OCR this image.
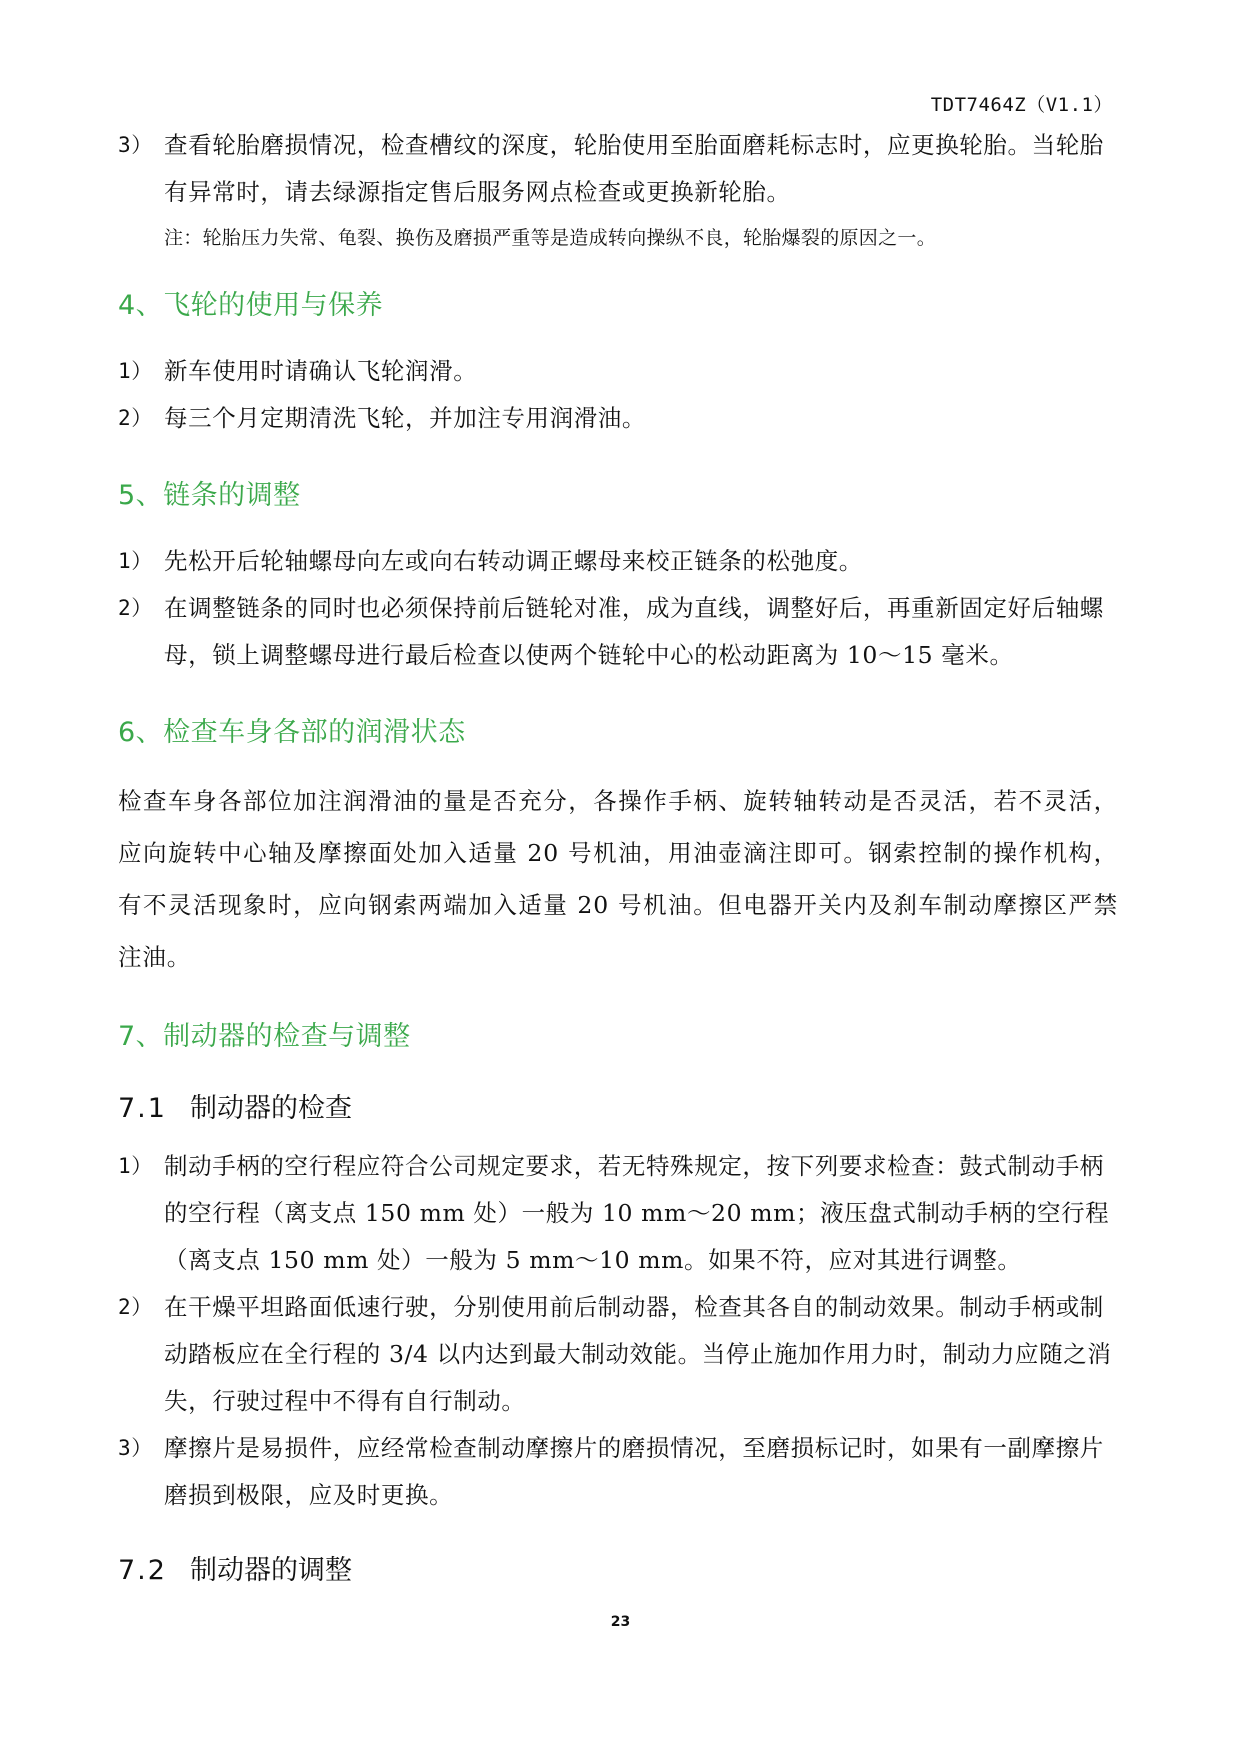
TDT7464Z（V1.1）
3） 查看轮胎磨损情况，检查槽纹的深度，轮胎使用至胎面磨耗标志时，应更换轮胎。当轮胎有异常时，请去绿源指定售后服务网点检查或更换新轮胎。
注：轮胎压力失常、龟裂、换伤及磨损严重等是造成转向操纵不良，轮胎爆裂的原因之一。
4、飞轮的使用与保养
1） 新车使用时请确认飞轮润滑。
2） 每三个月定期清洗飞轮，并加注专用润滑油。
5、链条的调整
1） 先松开后轮轴螺母向左或向右转动调正螺母来校正链条的松弛度。
2） 在调整链条的同时也必须保持前后链轮对准，成为直线，调整好后，再重新固定好后轴螺母，锁上调整螺母进行最后检查以使两个链轮中心的松动距离为 10～15 毫米。
6、检查车身各部的润滑状态
检查车身各部位加注润滑油的量是否充分，各操作手柄、旋转轴转动是否灵活，若不灵活，应向旋转中心轴及摩擦面处加入适量 20 号机油，用油壶滴注即可。钢索控制的操作机构，有不灵活现象时，应向钢索两端加入适量 20 号机油。但电器开关内及刹车制动摩擦区严禁注油。
7、制动器的检查与调整
7.1 制动器的检查
1） 制动手柄的空行程应符合公司规定要求，若无特殊规定，按下列要求检查：鼓式制动手柄的空行程（离支点 150 mm 处）一般为 10 mm～20 mm；液压盘式制动手柄的空行程（离支点 150 mm 处）一般为 5 mm～10 mm。如果不符，应对其进行调整。
2） 在干燥平坦路面低速行驶，分别使用前后制动器，检查其各自的制动效果。制动手柄或制动踏板应在全行程的 3/4 以内达到最大制动效能。当停止施加作用力时，制动力应随之消失，行驶过程中不得有自行制动。
3） 摩擦片是易损件，应经常检查制动摩擦片的磨损情况，至磨损标记时，如果有一副摩擦片磨损到极限，应及时更换。
7.2 制动器的调整
23
